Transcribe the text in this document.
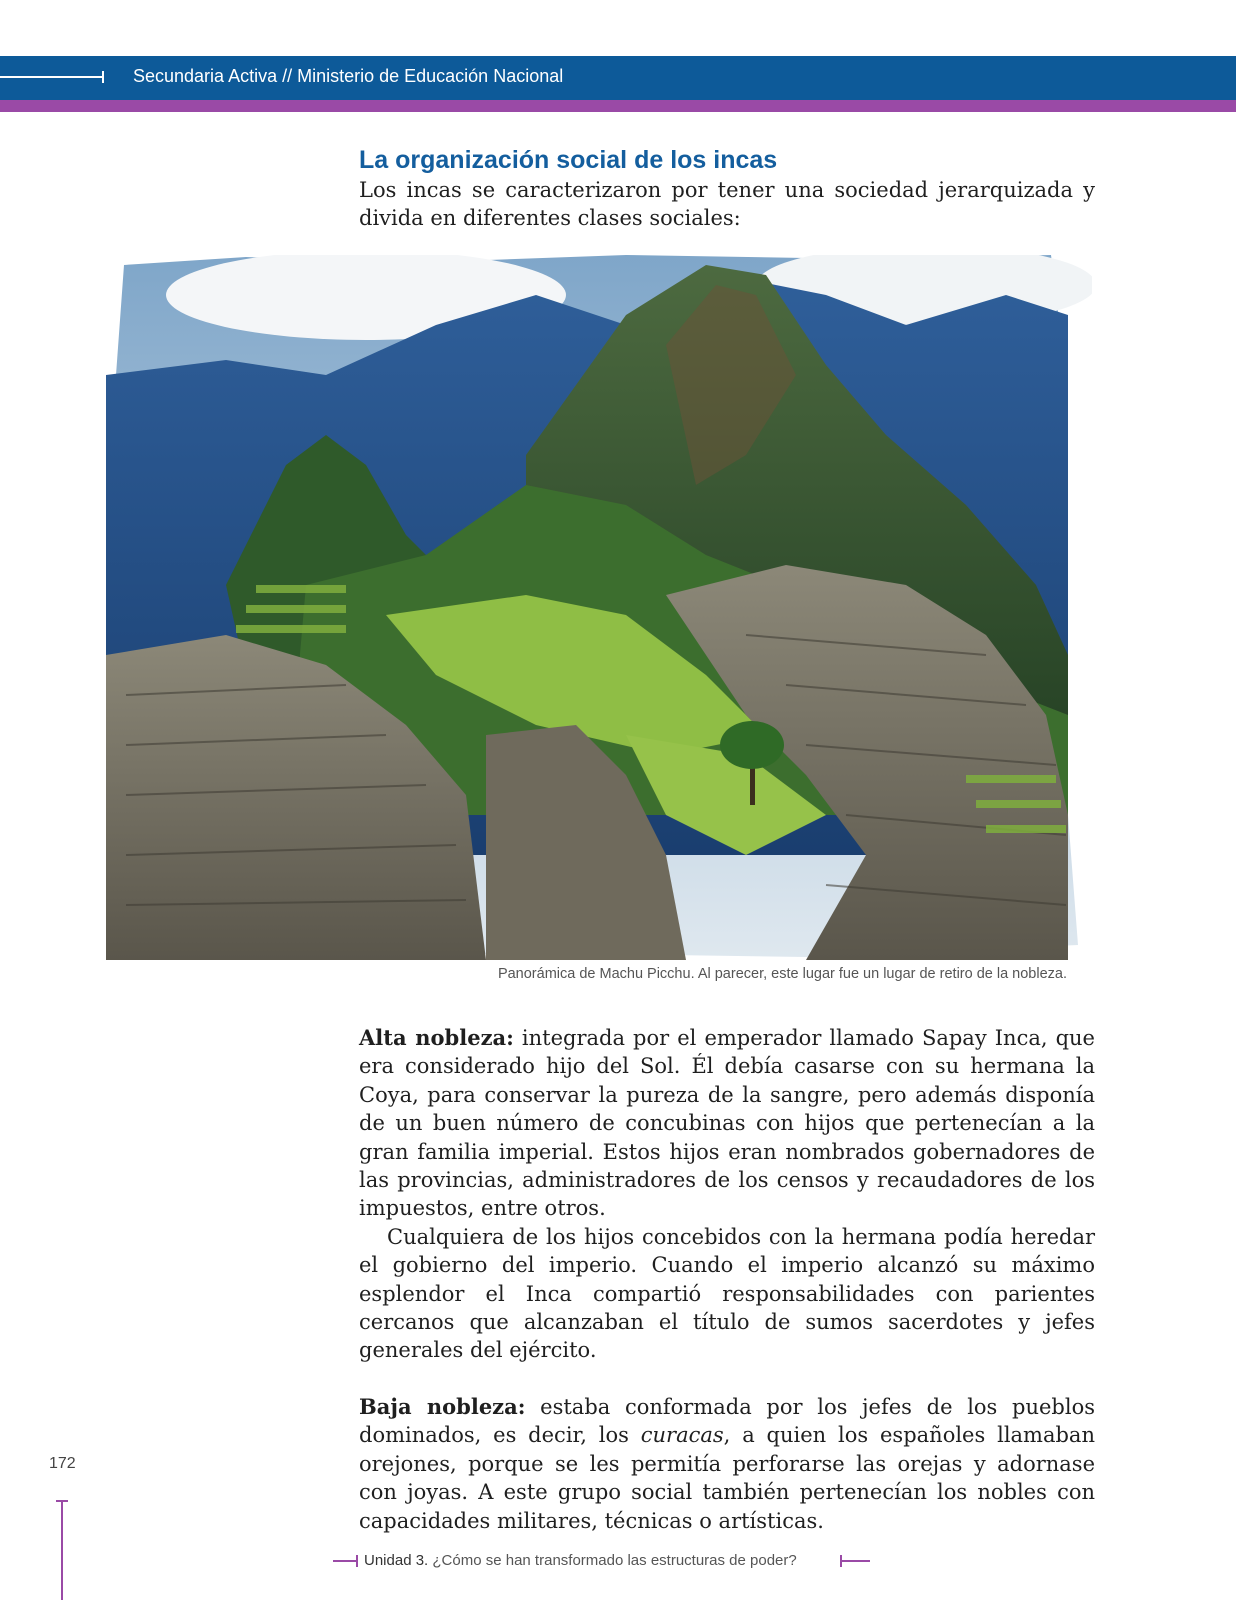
Secundaria Activa // Ministerio de Educación Nacional
La organización social de los incas

Los incas se caracterizaron por tener una sociedad jerarquizada y divida en diferentes clases sociales:

Panorámica de Machu Picchu. Al parecer, este lugar fue un lugar de retiro de la nobleza.

Alta nobleza: integrada por el emperador llamado Sapay Inca, que era considerado hijo del Sol. Él debía casarse con su hermana la Coya, para conservar la pureza de la sangre, pero además disponía de un buen número de concubinas con hijos que pertenecían a la gran familia imperial. Estos hijos eran nombrados gobernadores de las provincias, administradores de los censos y recaudadores de los impuestos, entre otros.

Cualquiera de los hijos concebidos con la hermana podía heredar el gobierno del imperio. Cuando el imperio alcanzó su máximo esplendor el Inca compartió responsabilidades con parientes cercanos que alcanzaban el título de sumos sacerdotes y jefes generales del ejército.

Baja nobleza: estaba conformada por los jefes de los pueblos dominados, es decir, los curacas, a quien los españoles llamaban orejones, porque se les permitía perforarse las orejas y adornase con joyas. A este grupo social también pertenecían los nobles con capacidades militares, técnicas o artísticas.

172
Unidad 3. ¿Cómo se han transformado las estructuras de poder?
